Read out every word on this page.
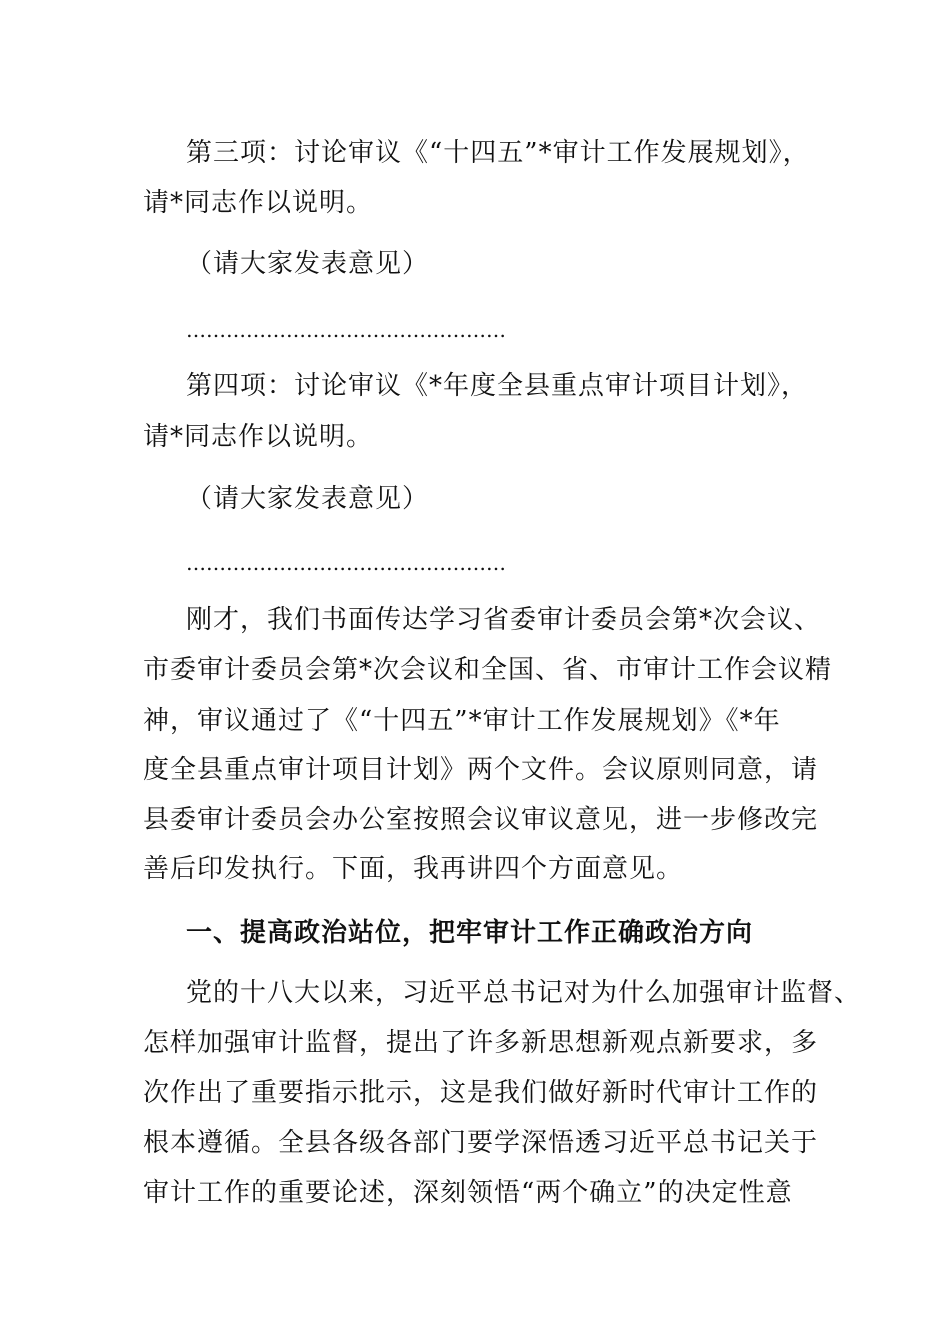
第三项：讨论审议《“十四五”*审计工作发展规划》，
请*同志作以说明。
（请大家发表意见）
…………………………………………
第四项：讨论审议《*年度全县重点审计项目计划》，
请*同志作以说明。
（请大家发表意见）
…………………………………………
刚才，我们书面传达学习省委审计委员会第*次会议、
市委审计委员会第*次会议和全国、省、市审计工作会议精
神，审议通过了《“十四五”*审计工作发展规划》《*年
度全县重点审计项目计划》两个文件。会议原则同意，请
县委审计委员会办公室按照会议审议意见，进一步修改完
善后印发执行。下面，我再讲四个方面意见。
一、提高政治站位，把牢审计工作正确政治方向
党的十八大以来，习近平总书记对为什么加强审计监督、
怎样加强审计监督，提出了许多新思想新观点新要求，多
次作出了重要指示批示，这是我们做好新时代审计工作的
根本遵循。全县各级各部门要学深悟透习近平总书记关于
审计工作的重要论述，深刻领悟“两个确立”的决定性意
